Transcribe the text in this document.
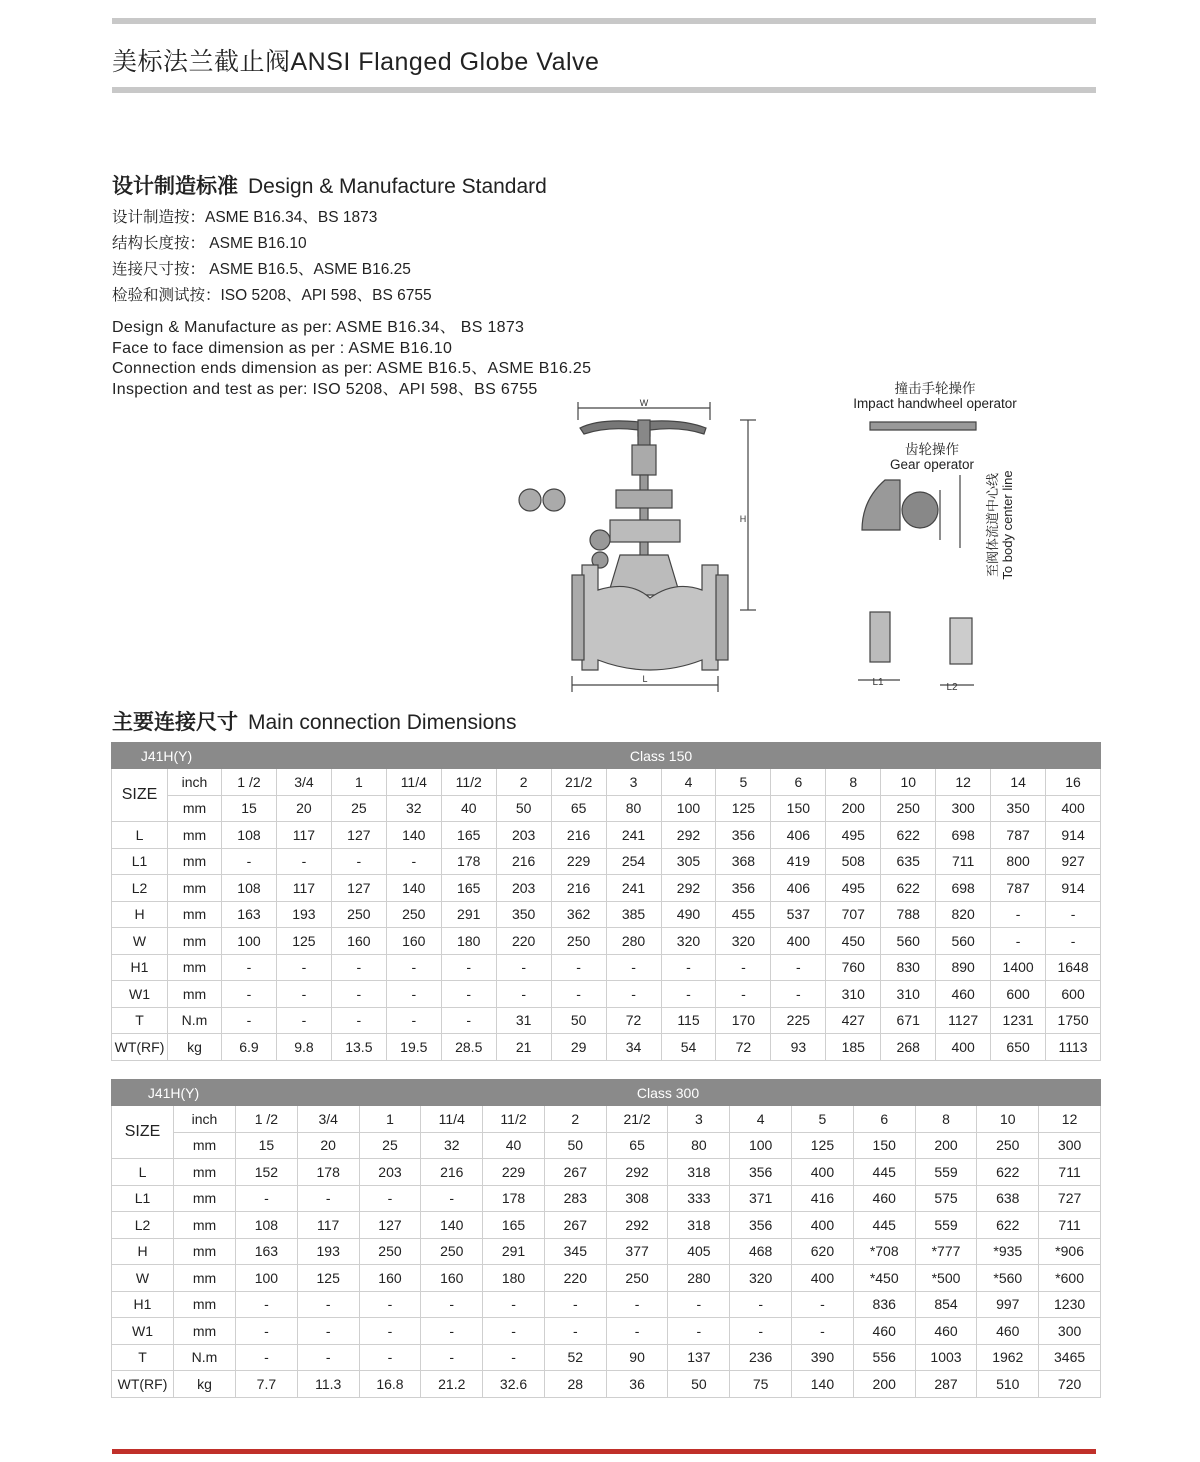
美标法兰截止阀ANSI Flanged Globe Valve
设计制造标准 Design & Manufacture Standard
设计制造按：ASME B16.34、BS 1873
结构长度按： ASME B16.10
连接尺寸按： ASME B16.5、ASME B16.25
检验和测试按：ISO 5208、API 598、BS 6755
Design & Manufacture as per: ASME B16.34、 BS 1873
Face to face dimension as per : ASME B16.10
Connection ends dimension as per: ASME B16.5、ASME B16.25
Inspection and test as per: ISO 5208、API 598、BS 6755
W
H
L	L1	L2
撞击手轮操作
Impact handwheel operator
齿轮操作
Gear operator
至阀体流道中心线 To body center line
主要连接尺寸 Main connection Dimensions
J41H(Y)		Class 150															
SIZE	inch	1 /2	3/4	1	11/4	11/2	2	21/2	3	4	5	6	8	10	12	14	16
	mm	15	20	25	32	40	50	65	80	100	125	150	200	250	300	350	400
L	mm	108	117	127	140	165	203	216	241	292	356	406	495	622	698	787	914
L1	mm	-	-	-	-	178	216	229	254	305	368	419	508	635	711	800	927
L2	mm	108	117	127	140	165	203	216	241	292	356	406	495	622	698	787	914
H	mm	163	193	250	250	291	350	362	385	490	455	537	707	788	820	-	-
W	mm	100	125	160	160	180	220	250	280	320	320	400	450	560	560	-	-
H1	mm	-	-	-	-	-	-	-	-	-	-	-	760	830	890	1400	1648
W1	mm	-	-	-	-	-	-	-	-	-	-	-	310	310	460	600	600
T	N.m	-	-	-	-	-	31	50	72	115	170	225	427	671	1127	1231	1750
WT(RF)	kg	6.9	9.8	13.5	19.5	28.5	21	29	34	54	72	93	185	268	400	650	1113
J41H(Y)		Class 300													
SIZE	inch	1 /2	3/4	1	11/4	11/2	2	21/2	3	4	5	6	8	10	12
	mm	15	20	25	32	40	50	65	80	100	125	150	200	250	300
L	mm	152	178	203	216	229	267	292	318	356	400	445	559	622	711
L1	mm	-	-	-	-	178	283	308	333	371	416	460	575	638	727
L2	mm	108	117	127	140	165	267	292	318	356	400	445	559	622	711
H	mm	163	193	250	250	291	345	377	405	468	620	*708	*777	*935	*906
W	mm	100	125	160	160	180	220	250	280	320	400	*450	*500	*560	*600
H1	mm	-	-	-	-	-	-	-	-	-	-	836	854	997	1230
W1	mm	-	-	-	-	-	-	-	-	-	-	460	460	460	300
T	N.m	-	-	-	-	-	52	90	137	236	390	556	1003	1962	3465
WT(RF)	kg	7.7	11.3	16.8	21.2	32.6	28	36	50	75	140	200	287	510	720
